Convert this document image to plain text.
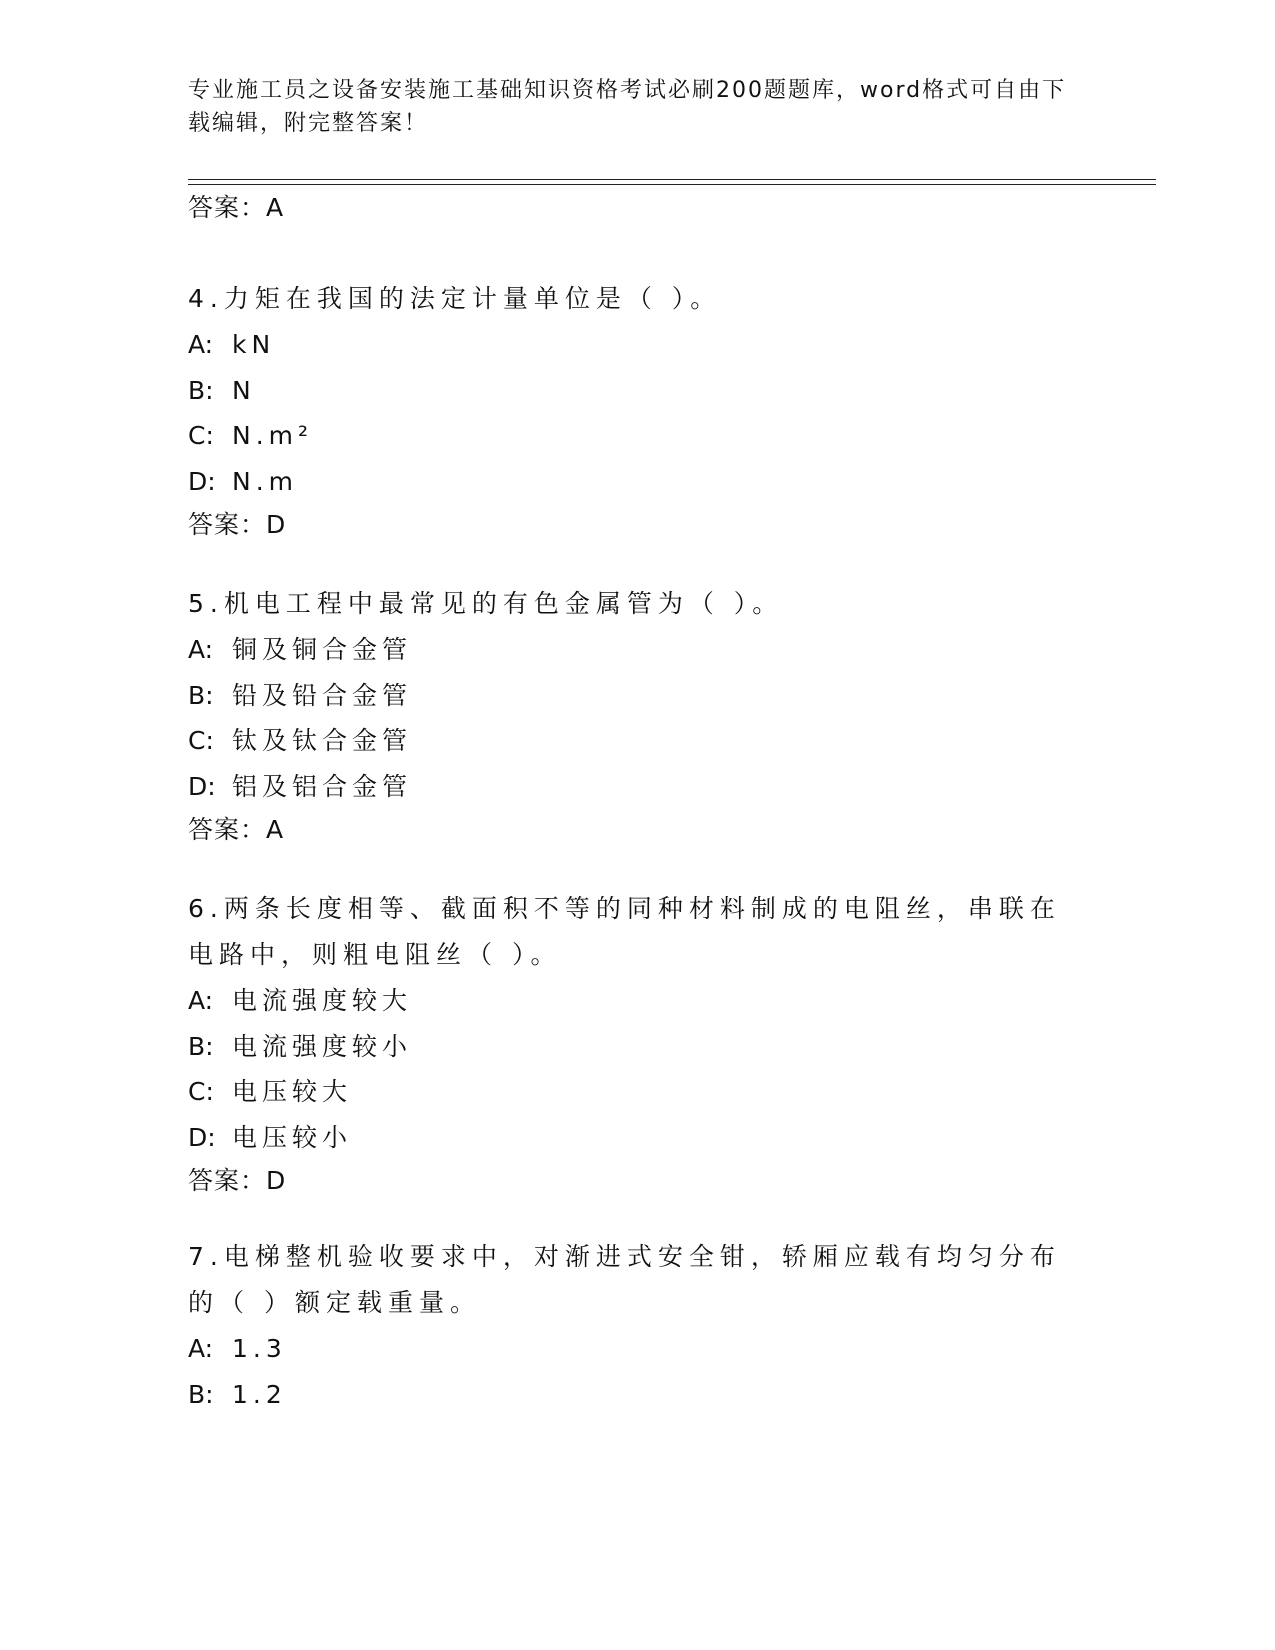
专业施工员之设备安装施工基础知识资格考试必刷200题题库，word格式可自由下载编辑，附完整答案！
答案：A
4.力矩在我国的法定计量单位是（ ）。
A: kN
B: N
C: N.m²
D: N.m
答案：D
5.机电工程中最常见的有色金属管为（ ）。
A: 铜及铜合金管
B: 铅及铅合金管
C: 钛及钛合金管
D: 铝及铝合金管
答案：A
6.两条长度相等、截面积不等的同种材料制成的电阻丝，串联在电路中，则粗电阻丝（ ）。
A: 电流强度较大
B: 电流强度较小
C: 电压较大
D: 电压较小
答案：D
7.电梯整机验收要求中，对渐进式安全钳，轿厢应载有均匀分布的（ ）额定载重量。
A: 1.3
B: 1.2
